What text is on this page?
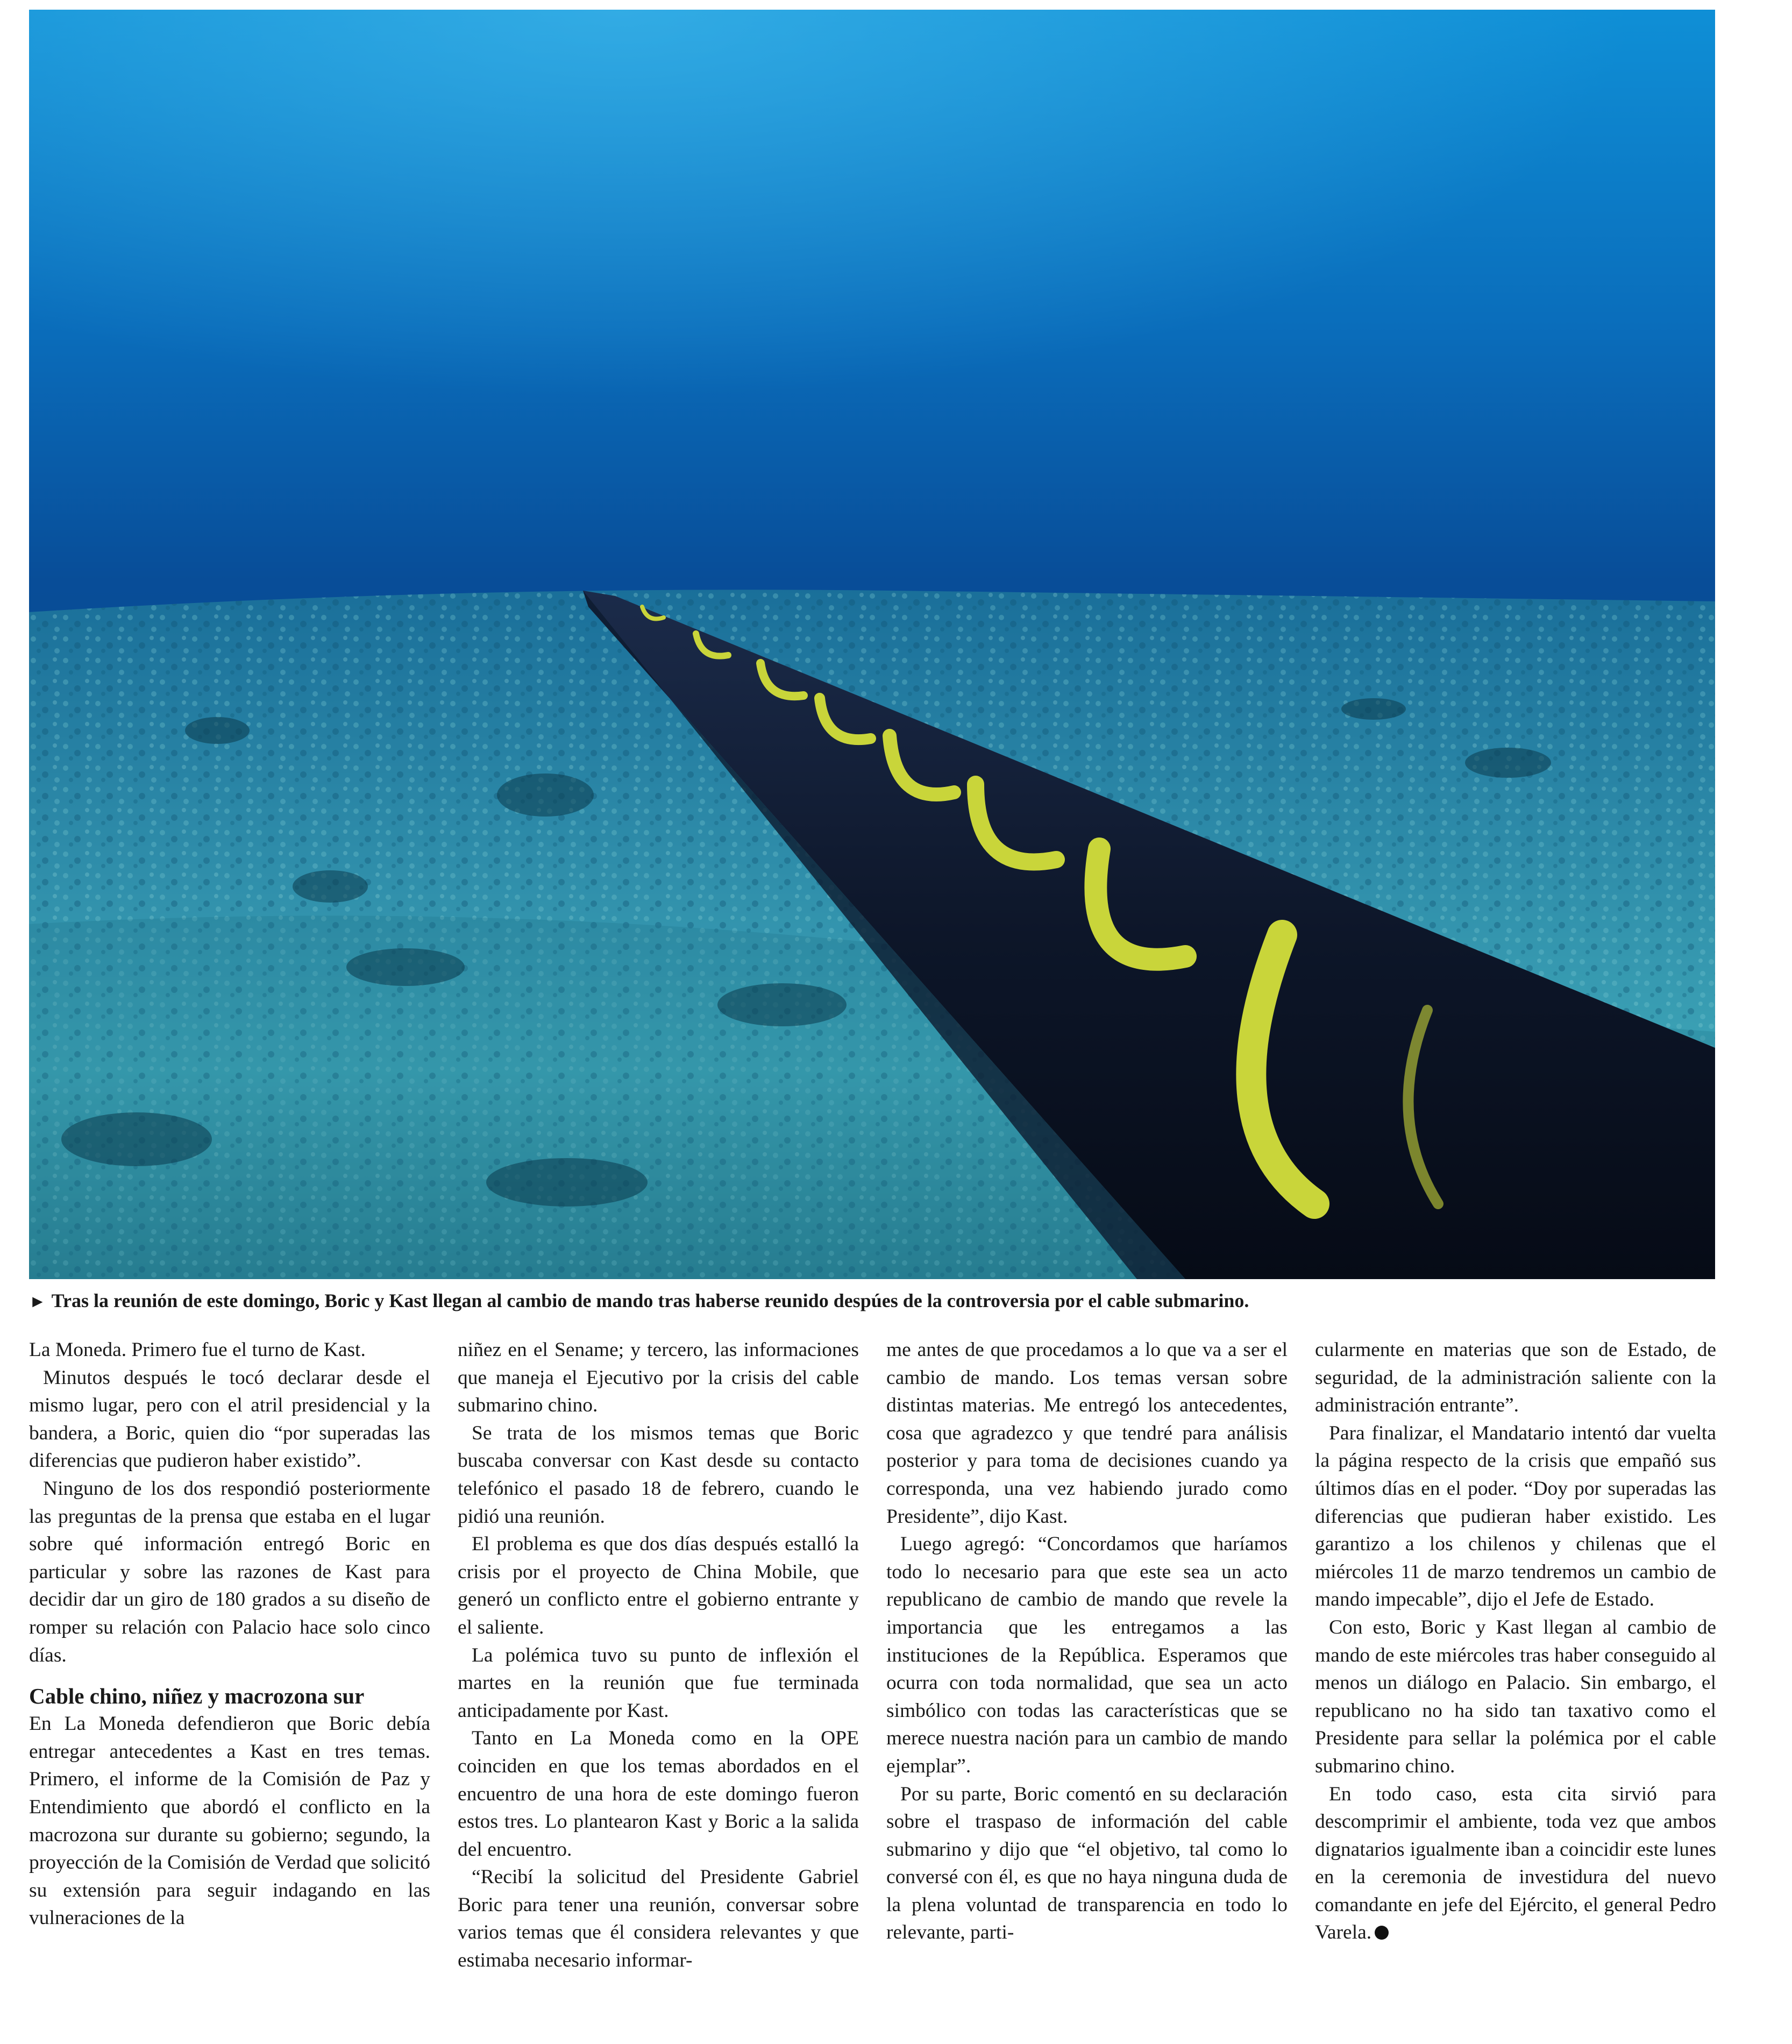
► Tras la reunión de este domingo, Boric y Kast llegan al cambio de mando tras haberse reunido despúes de la controversia por el cable submarino.

La Moneda. Primero fue el turno de Kast.

Minutos después le tocó declarar desde el mismo lugar, pero con el atril presidencial y la bandera, a Boric, quien dio “por superadas las diferencias que pudieron haber existido”.

Ninguno de los dos respondió posteriormente las preguntas de la prensa que estaba en el lugar sobre qué información entregó Boric en particular y sobre las razones de Kast para decidir dar un giro de 180 grados a su diseño de romper su relación con Palacio hace solo cinco días.

Cable chino, niñez y macrozona sur

En La Moneda defendieron que Boric debía entregar antecedentes a Kast en tres temas. Primero, el informe de la Comisión de Paz y Entendimiento que abordó el conflicto en la macrozona sur durante su gobierno; segundo, la proyección de la Comisión de Verdad que solicitó su extensión para seguir indagando en las vulneraciones de la

niñez en el Sename; y tercero, las informaciones que maneja el Ejecutivo por la crisis del cable submarino chino.

Se trata de los mismos temas que Boric buscaba conversar con Kast desde su contacto telefónico el pasado 18 de febrero, cuando le pidió una reunión.

El problema es que dos días después estalló la crisis por el proyecto de China Mobile, que generó un conflicto entre el gobierno entrante y el saliente.

La polémica tuvo su punto de inflexión el martes en la reunión que fue terminada anticipadamente por Kast.

Tanto en La Moneda como en la OPE coinciden en que los temas abordados en el encuentro de una hora de este domingo fueron estos tres. Lo plantearon Kast y Boric a la salida del encuentro.

“Recibí la solicitud del Presidente Gabriel Boric para tener una reunión, conversar sobre varios temas que él considera relevantes y que estimaba necesario informar-

me antes de que procedamos a lo que va a ser el cambio de mando. Los temas versan sobre distintas materias. Me entregó los antecedentes, cosa que agradezco y que tendré para análisis posterior y para toma de decisiones cuando ya corresponda, una vez habiendo jurado como Presidente”, dijo Kast.

Luego agregó: “Concordamos que haríamos todo lo necesario para que este sea un acto republicano de cambio de mando que revele la importancia que les entregamos a las instituciones de la República. Esperamos que ocurra con toda normalidad, que sea un acto simbólico con todas las características que se merece nuestra nación para un cambio de mando ejemplar”.

Por su parte, Boric comentó en su declaración sobre el traspaso de información del cable submarino y dijo que “el objetivo, tal como lo conversé con él, es que no haya ninguna duda de la plena voluntad de transparencia en todo lo relevante, parti-

cularmente en materias que son de Estado, de seguridad, de la administración saliente con la administración entrante”.

Para finalizar, el Mandatario intentó dar vuelta la página respecto de la crisis que empañó sus últimos días en el poder. “Doy por superadas las diferencias que pudieran haber existido. Les garantizo a los chilenos y chilenas que el miércoles 11 de marzo tendremos un cambio de mando impecable”, dijo el Jefe de Estado.

Con esto, Boric y Kast llegan al cambio de mando de este miércoles tras haber conseguido al menos un diálogo en Palacio. Sin embargo, el republicano no ha sido tan taxativo como el Presidente para sellar la polémica por el cable submarino chino.

En todo caso, esta cita sirvió para descomprimir el ambiente, toda vez que ambos dignatarios igualmente iban a coincidir este lunes en la ceremonia de investidura del nuevo comandante en jefe del Ejército, el general Pedro Varela.
